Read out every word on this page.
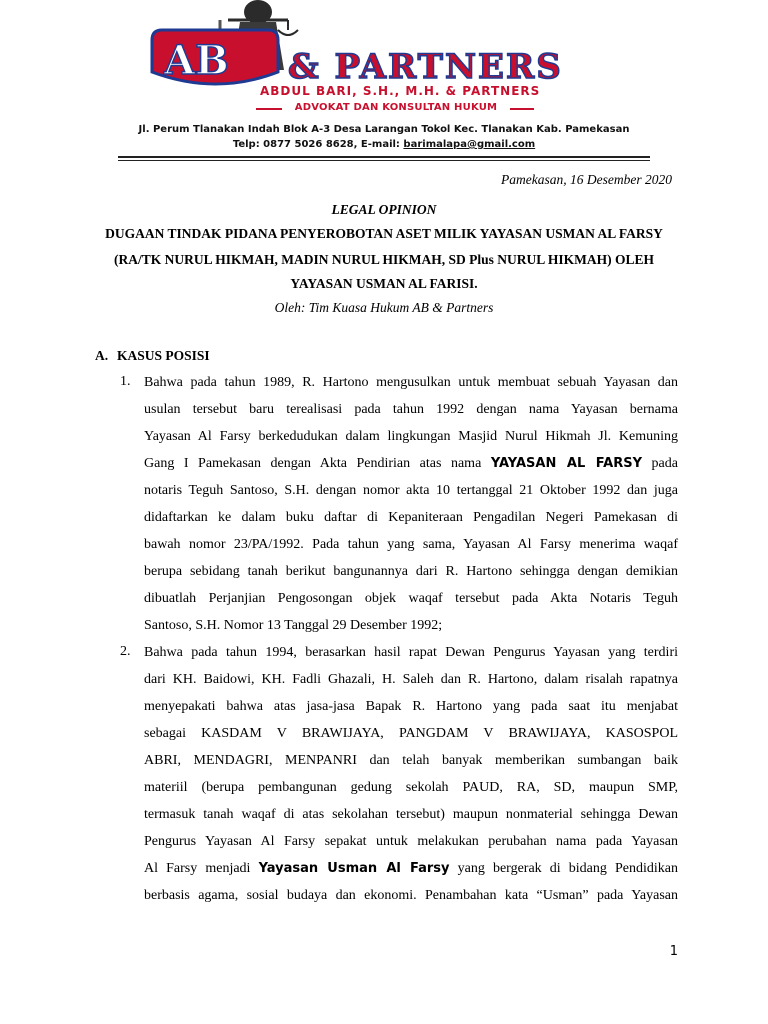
AB & PARTNERS
ABDUL BARI, S.H., M.H. & PARTNERS
ADVOKAT DAN KONSULTAN HUKUM
Jl. Perum Tlanakan Indah Blok A-3 Desa Larangan Tokol Kec. Tlanakan Kab. Pamekasan
Telp: 0877 5026 8628, E-mail: barimalapa@gmail.com
Pamekasan, 16 Desember 2020
LEGAL OPINION
DUGAAN TINDAK PIDANA PENYEROBOTAN ASET MILIK YAYASAN USMAN AL FARSY
(RA/TK NURUL HIKMAH, MADIN NURUL HIKMAH, SD Plus NURUL HIKMAH) OLEH
YAYASAN USMAN AL FARISI.
Oleh: Tim Kuasa Hukum AB & Partners
A. KASUS POSISI
1. Bahwa pada tahun 1989, R. Hartono mengusulkan untuk membuat sebuah Yayasan dan
usulan tersebut baru terealisasi pada tahun 1992 dengan nama Yayasan bernama
Yayasan Al Farsy berkedudukan dalam lingkungan Masjid Nurul Hikmah Jl. Kemuning
Gang I Pamekasan dengan Akta Pendirian atas nama YAYASAN AL FARSY pada
notaris Teguh Santoso, S.H. dengan nomor akta 10 tertanggal 21 Oktober 1992 dan juga
didaftarkan ke dalam buku daftar di Kepaniteraan Pengadilan Negeri Pamekasan di
bawah nomor 23/PA/1992. Pada tahun yang sama, Yayasan Al Farsy menerima waqaf
berupa sebidang tanah berikut bangunannya dari R. Hartono sehingga dengan demikian
dibuatlah Perjanjian Pengosongan objek waqaf tersebut pada Akta Notaris Teguh
Santoso, S.H. Nomor 13 Tanggal 29 Desember 1992;
2. Bahwa pada tahun 1994, berasarkan hasil rapat Dewan Pengurus Yayasan yang terdiri
dari KH. Baidowi, KH. Fadli Ghazali, H. Saleh dan R. Hartono, dalam risalah rapatnya
menyepakati bahwa atas jasa-jasa Bapak R. Hartono yang pada saat itu menjabat
sebagai KASDAM V BRAWIJAYA, PANGDAM V BRAWIJAYA, KASOSPOL
ABRI, MENDAGRI, MENPANRI dan telah banyak memberikan sumbangan baik
materiil (berupa pembangunan gedung sekolah PAUD, RA, SD, maupun SMP,
termasuk tanah waqaf di atas sekolahan tersebut) maupun nonmaterial sehingga Dewan
Pengurus Yayasan Al Farsy sepakat untuk melakukan perubahan nama pada Yayasan
Al Farsy menjadi Yayasan Usman Al Farsy yang bergerak di bidang Pendidikan
berbasis agama, sosial budaya dan ekonomi. Penambahan kata “Usman” pada Yayasan
1
